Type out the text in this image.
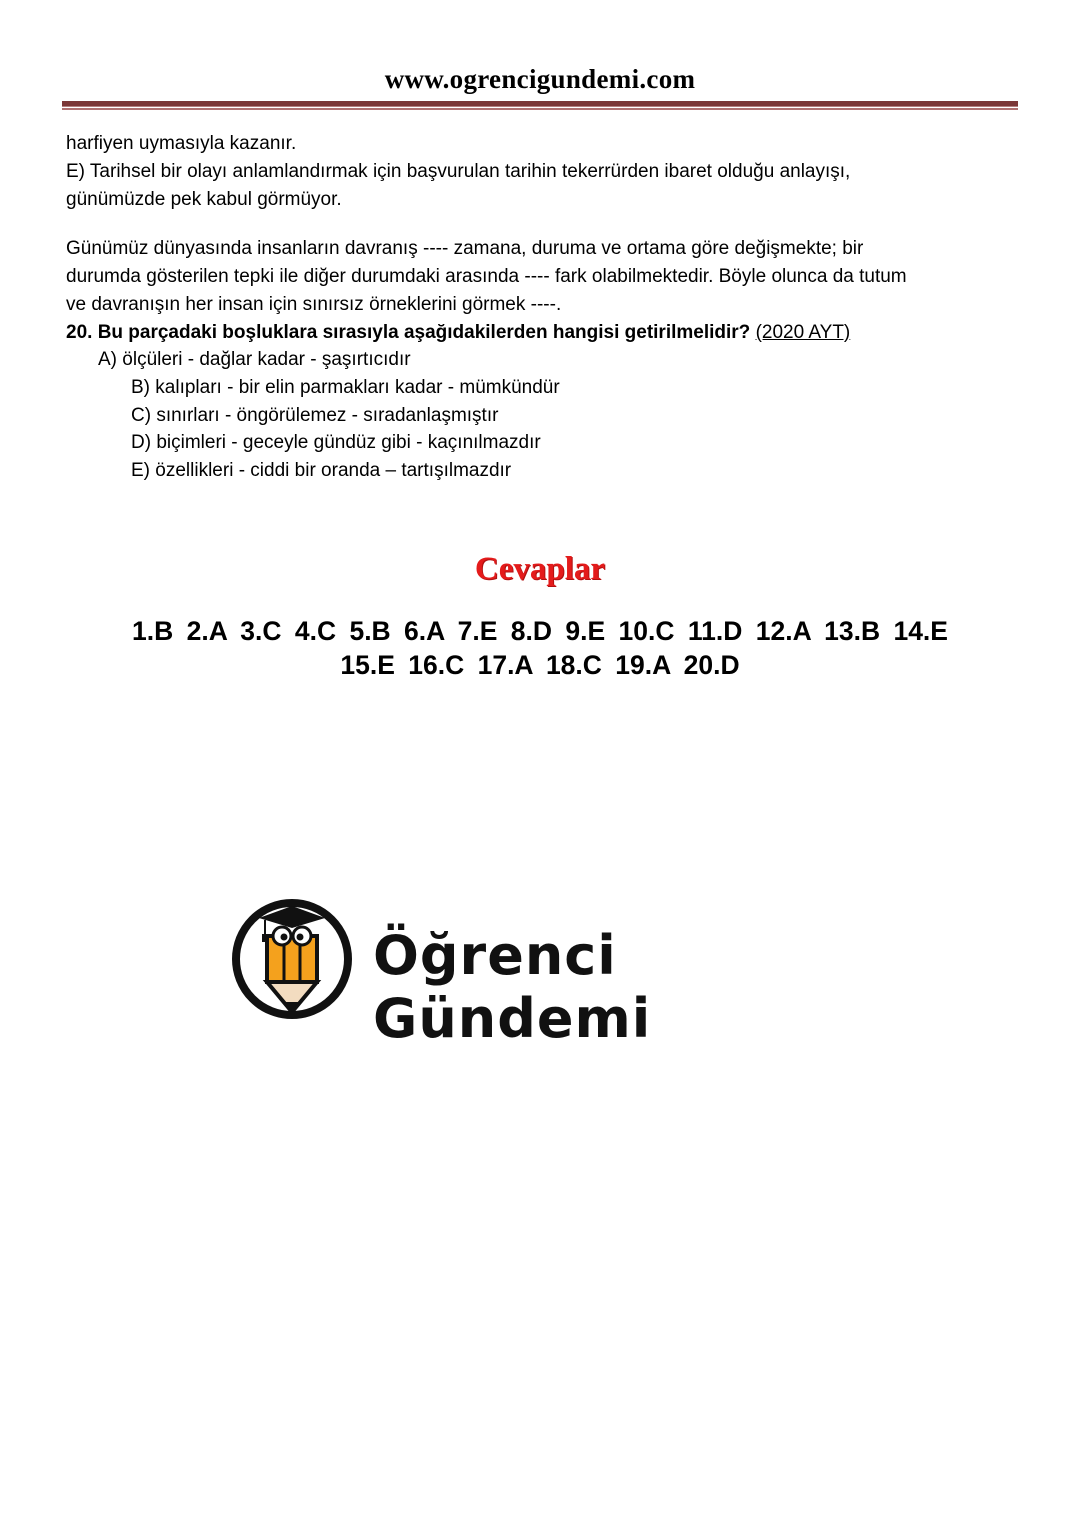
www.ogrencigundemi.com
harfiyen uymasıyla kazanır.
E) Tarihsel bir olayı anlamlandırmak için başvurulan tarihin tekerrürden ibaret olduğu anlayışı,
günümüzde pek kabul görmüyor.
Günümüz dünyasında insanların davranış ---- zamana, duruma ve ortama göre değişmekte; bir
durumda gösterilen tepki ile diğer durumdaki arasında ---- fark olabilmektedir. Böyle olunca da tutum
ve davranışın her insan için sınırsız örneklerini görmek ----.
20. Bu parçadaki boşluklara sırasıyla aşağıdakilerden hangisi getirilmelidir? (2020 AYT)
A) ölçüleri - dağlar kadar - şaşırtıcıdır
B) kalıpları - bir elin parmakları kadar - mümkündür
C) sınırları - öngörülemez - sıradanlaşmıştır
D) biçimleri - geceyle gündüz gibi - kaçınılmazdır
E) özellikleri - ciddi bir oranda – tartışılmazdır
Cevaplar
1.B 2.A 3.C 4.C 5.B 6.A 7.E 8.D 9.E 10.C 11.D 12.A 13.B 14.E
15.E 16.C 17.A 18.C 19.A 20.D
Öğrenci Gündemi
